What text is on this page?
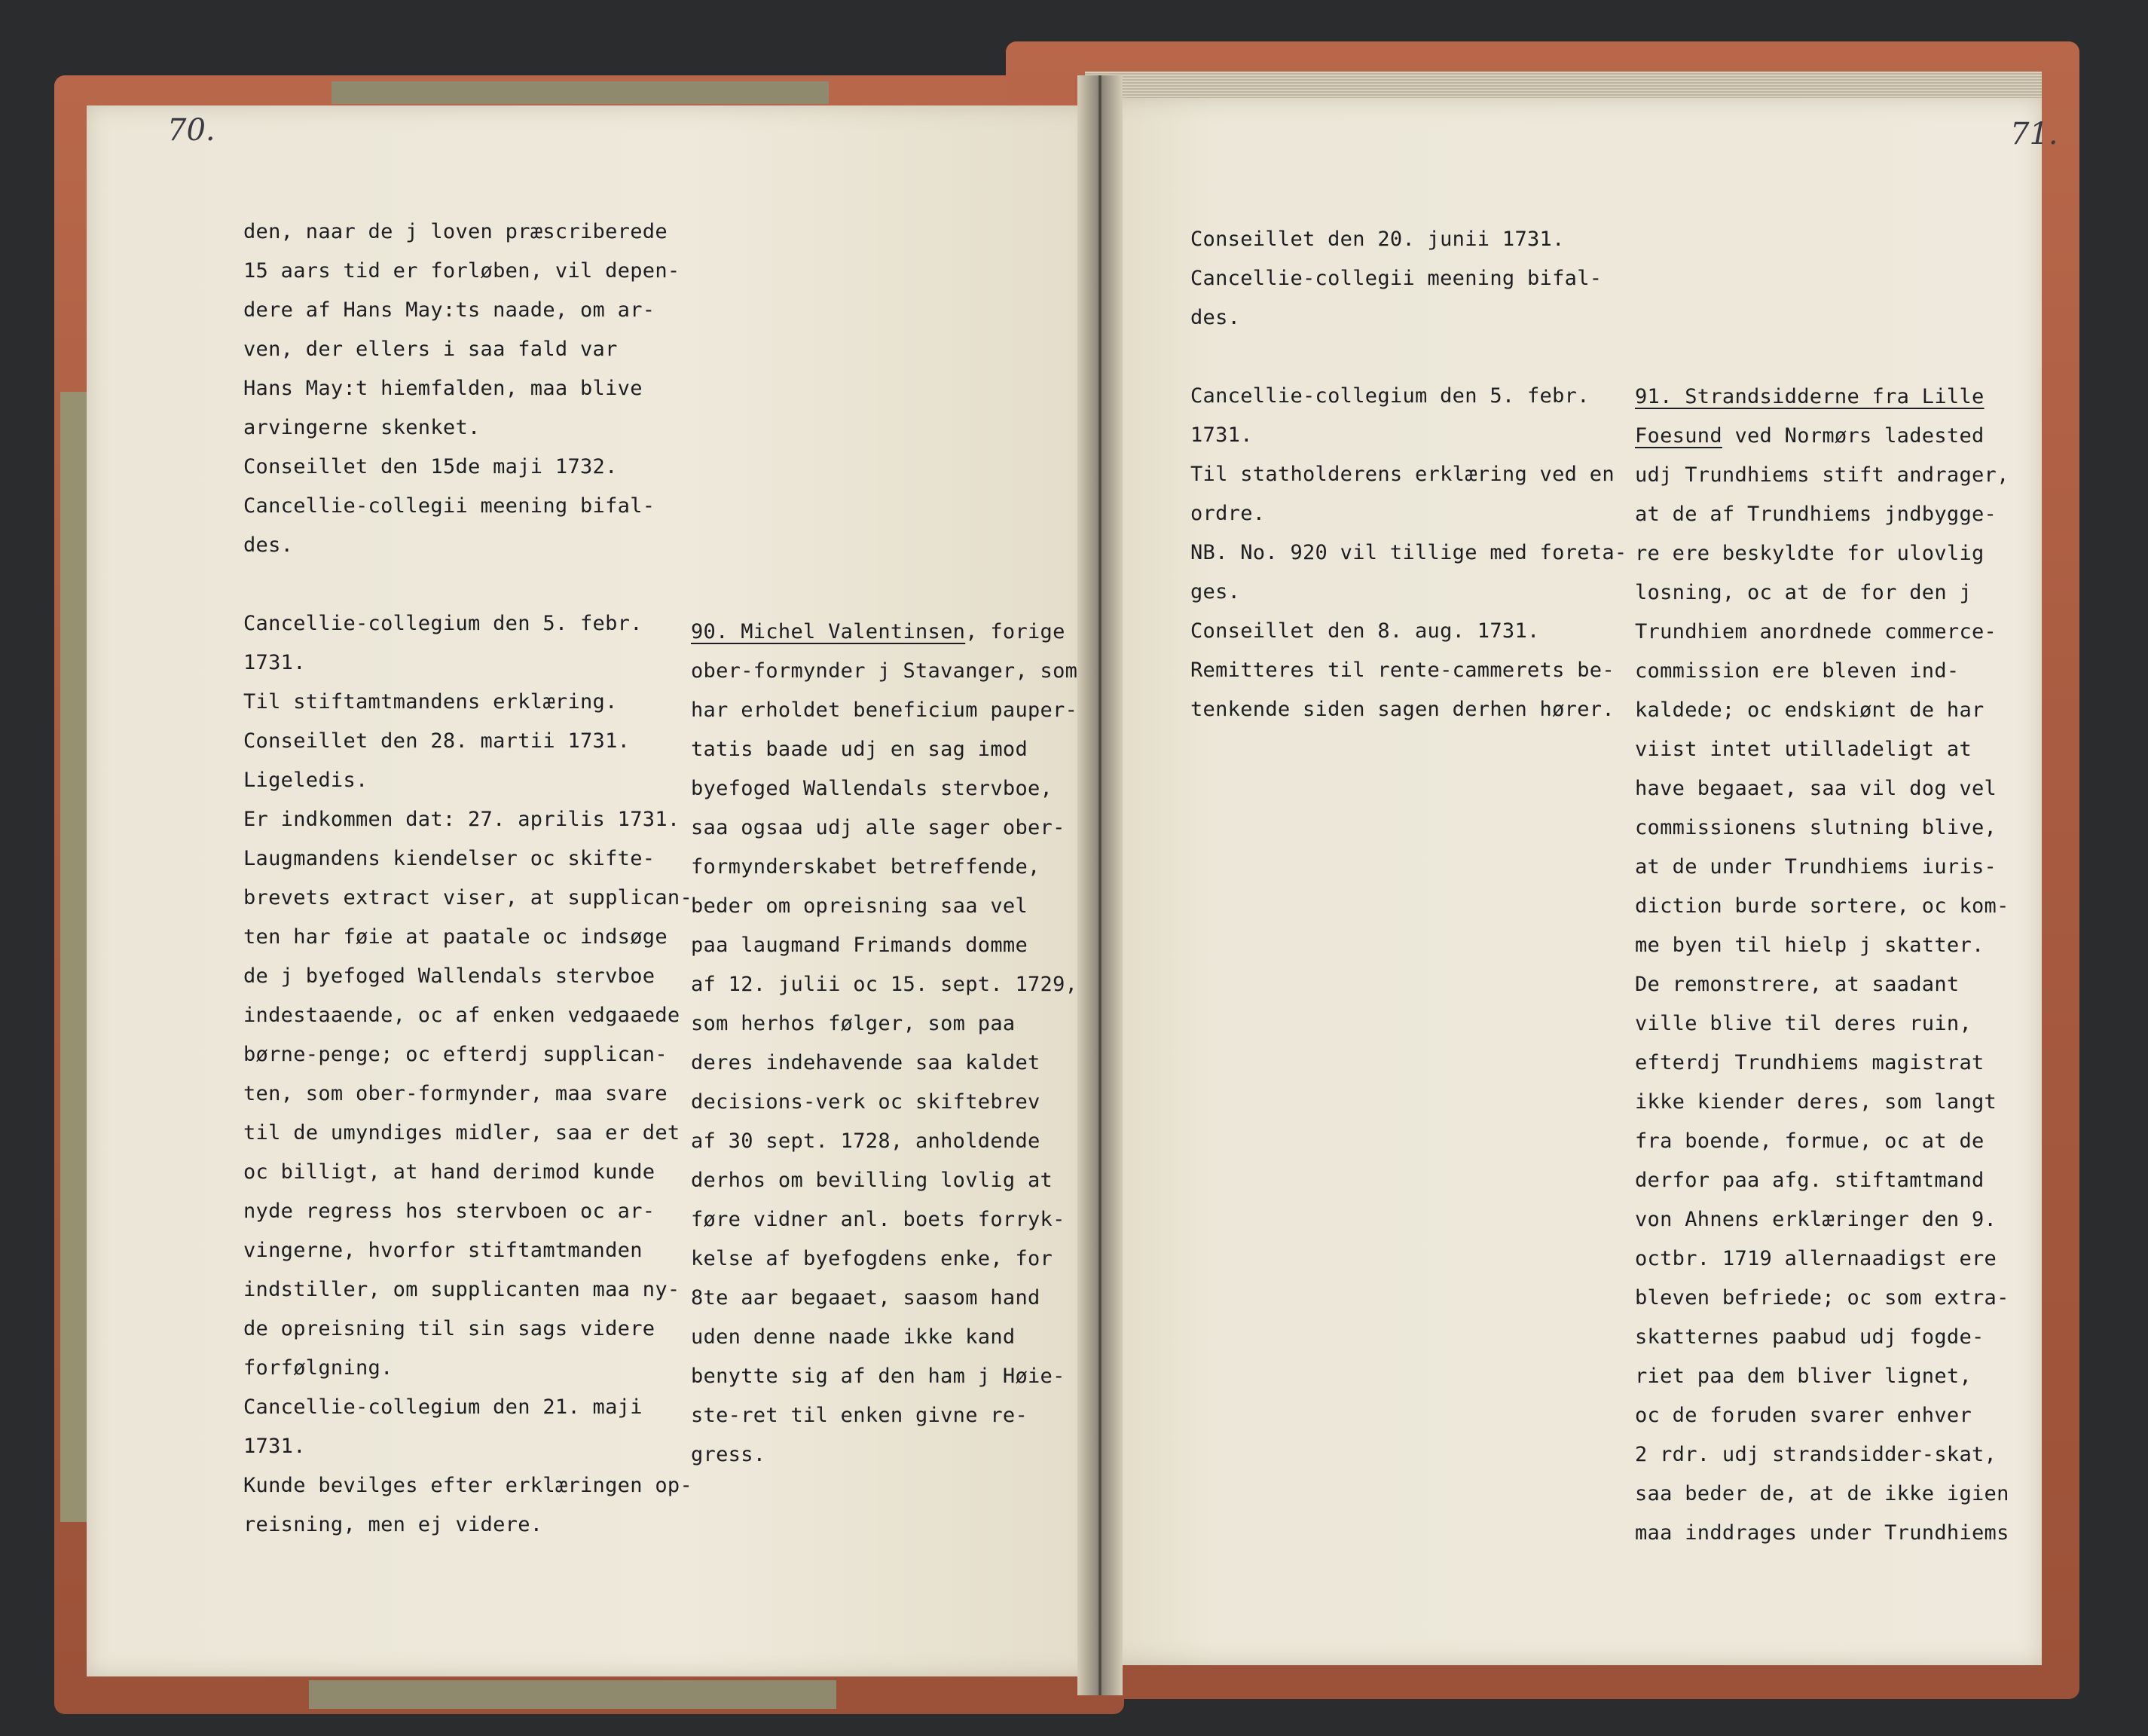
70.	71.
den, naar de j loven præscriberede
15 aars tid er forløben, vil depen-
dere af Hans May:ts naade, om ar-
ven, der ellers i saa fald var
Hans May:t hiemfalden, maa blive
arvingerne skenket.
Conseillet den 15de maji 1732.
Cancellie-collegii meening bifal-
des.
Cancellie-collegium den 5. febr.
1731.
Til stiftamtmandens erklæring.
Conseillet den 28. martii 1731.
Ligeledis.
Er indkommen dat: 27. aprilis 1731.
Laugmandens kiendelser oc skifte-
brevets extract viser, at supplican-
ten har føie at paatale oc indsøge
de j byefoged Wallendals stervboe
indestaaende, oc af enken vedgaaede
børne-penge; oc efterdj supplican-
ten, som ober-formynder, maa svare
til de umyndiges midler, saa er det
oc billigt, at hand derimod kunde
nyde regress hos stervboen oc ar-
vingerne, hvorfor stiftamtmanden
indstiller, om supplicanten maa ny-
de opreisning til sin sags videre
forfølgning.
Cancellie-collegium den 21. maji
1731.
Kunde bevilges efter erklæringen op-
reisning, men ej videre.
90. Michel Valentinsen, forige
ober-formynder j Stavanger, som
har erholdet beneficium pauper-
tatis baade udj en sag imod
byefoged Wallendals stervboe,
saa ogsaa udj alle sager ober-
formynderskabet betreffende,
beder om opreisning saa vel
paa laugmand Frimands domme
af 12. julii oc 15. sept. 1729,
som herhos følger, som paa
deres indehavende saa kaldet
decisions-verk oc skiftebrev
af 30 sept. 1728, anholdende
derhos om bevilling lovlig at
føre vidner anl. boets forryk-
kelse af byefogdens enke, for
8te aar begaaet, saasom hand
uden denne naade ikke kand
benytte sig af den ham j Høie-
ste-ret til enken givne re-
gress.
Conseillet den 20. junii 1731.
Cancellie-collegii meening bifal-
des.
Cancellie-collegium den 5. febr.
1731.
Til statholderens erklæring ved en
ordre.
NB. No. 920 vil tillige med foreta-
ges.
Conseillet den 8. aug. 1731.
Remitteres til rente-cammerets be-
tenkende siden sagen derhen hører.
91. Strandsidderne fra Lille
Foesund ved Normørs ladested
udj Trundhiems stift andrager,
at de af Trundhiems jndbygge-
re ere beskyldte for ulovlig
losning, oc at de for den j
Trundhiem anordnede commerce-
commission ere bleven ind-
kaldede; oc endskiønt de har
viist intet utilladeligt at
have begaaet, saa vil dog vel
commissionens slutning blive,
at de under Trundhiems iuris-
diction burde sortere, oc kom-
me byen til hielp j skatter.
De remonstrere, at saadant
ville blive til deres ruin,
efterdj Trundhiems magistrat
ikke kiender deres, som langt
fra boende, formue, oc at de
derfor paa afg. stiftamtmand
von Ahnens erklæringer den 9.
octbr. 1719 allernaadigst ere
bleven befriede; oc som extra-
skatternes paabud udj fogde-
riet paa dem bliver lignet,
oc de foruden svarer enhver
2 rdr. udj strandsidder-skat,
saa beder de, at de ikke igien
maa inddrages under Trundhiems
